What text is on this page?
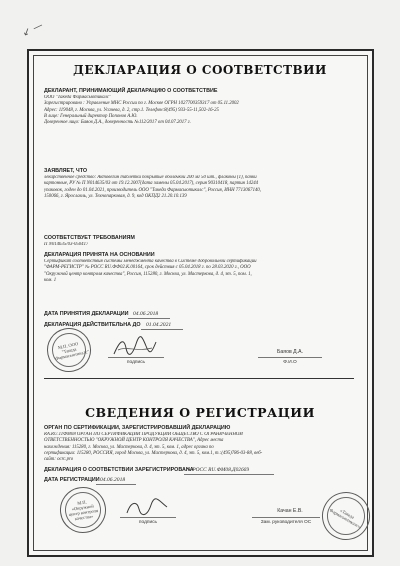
↙ —
ДЕКЛАРАЦИЯ О СООТВЕТСТВИИ
ДЕКЛАРАНТ, ПРИНИМАЮЩИЙ ДЕКЛАРАЦИЮ О СООТВЕТСТВИЕ
ООО "Такеда Фармасьютикалс"
Зарегистрировано : Управление МНС России по г. Москве ОГРН 1027700359317 от 05.11.2002
Адрес: 119048, г. Москва, ул. Усачева, д. 2, стр.1. Телефон:8(495) 933-55-11,502-16-25
В лице: Генеральный директор Попонов А.Ю.
Доверенное лицо: Баяов Д.А., доверенность №112/2017 от 04.07.2017 г.
ЗАЯВЛЯЕТ, ЧТО
лекарственное средство: Актовегин таблетки покрытые оболочкой 200 мг 50 шт., флаконы (1), пачки
картонные, РУ № П N014635/03 от 19.12.2007(дата замены 05.04.2017), серия 90310418, партия 14244
упаковок, годен до 01.04.2021, производитель ООО "Такеда Фармасьютикалс", Россия, ИНН 7713067140,
150066, г. Ярославль, ул. Технопарковая, д. 9, код ОКПД2 21.20.10.139
СООТВЕТСТВУЕТ ТРЕБОВАНИЯМ
П N014635/03-050417
ДЕКЛАРАЦИЯ ПРИНЯТА НА ОСНОВАНИИ
Сертификат соответствия системы менеджмента качества в Системе добровольной сертификации
"ФАРМ-РЕГИСТР" № РОСС RU.ФФ02.К.00164, срок действия с 05.04.2018 г. по 28.03.2020 г., ООО
"Окружной центр контроля качества", Россия, 115280, г. Москва, ул. Мастеркова, д. 4, эт. 5, пом. 1,
ком. 1
ДАТА ПРИНЯТИЯ ДЕКЛАРАЦИИ 04.06.2018
ДЕКЛАРАЦИЯ ДЕЙСТВИТЕЛЬНА ДО 01.04.2021
М.П. ООО "Такеда Фармасьютикалс"
подпись
Баяов Д.А.
Ф.И.О
СВЕДЕНИЯ О РЕГИСТРАЦИИ
ОРГАН ПО СЕРТИФИКАЦИИ, ЗАРЕГИСТРИРОВАВШИЙ ДЕКЛАРАЦИЮ
RA.RU.11ФМ08 ОРГАН ПО СЕРТИФИКАЦИИ ПРОДУКЦИИ ОБЩЕСТВО С ОГРАНИЧЕННОЙ
ОТВЕТСТВЕННОСТЬЮ "ОКРУЖНОЙ ЦЕНТР КОНТРОЛЯ КАЧЕСТВА", Адрес места
нахождения: 115280, г. Москва, ул. Мастеркова, д. 4, эт. 5, ком. 1, адрес органа по
сертификации: 115280, РОССИЯ, город Москва, ул. Мастеркова, д. 4, эт. 5, ком.1, т.:(495)786-03-88, веб-
сайт: ocrc.pro
ДЕКЛАРАЦИЯ О СООТВЕТСТВИИ ЗАРЕГИСТРИРОВАНА
№ РОСС RU.ФМ08.Д02669
ДАТА РЕГИСТРАЦИИ 04.06.2018
М.П. «Окружной центр контроля качества»
подпись
Качан Е.В.
Зам. руководителя ОС
«Такеда Фармасьютикалс»
